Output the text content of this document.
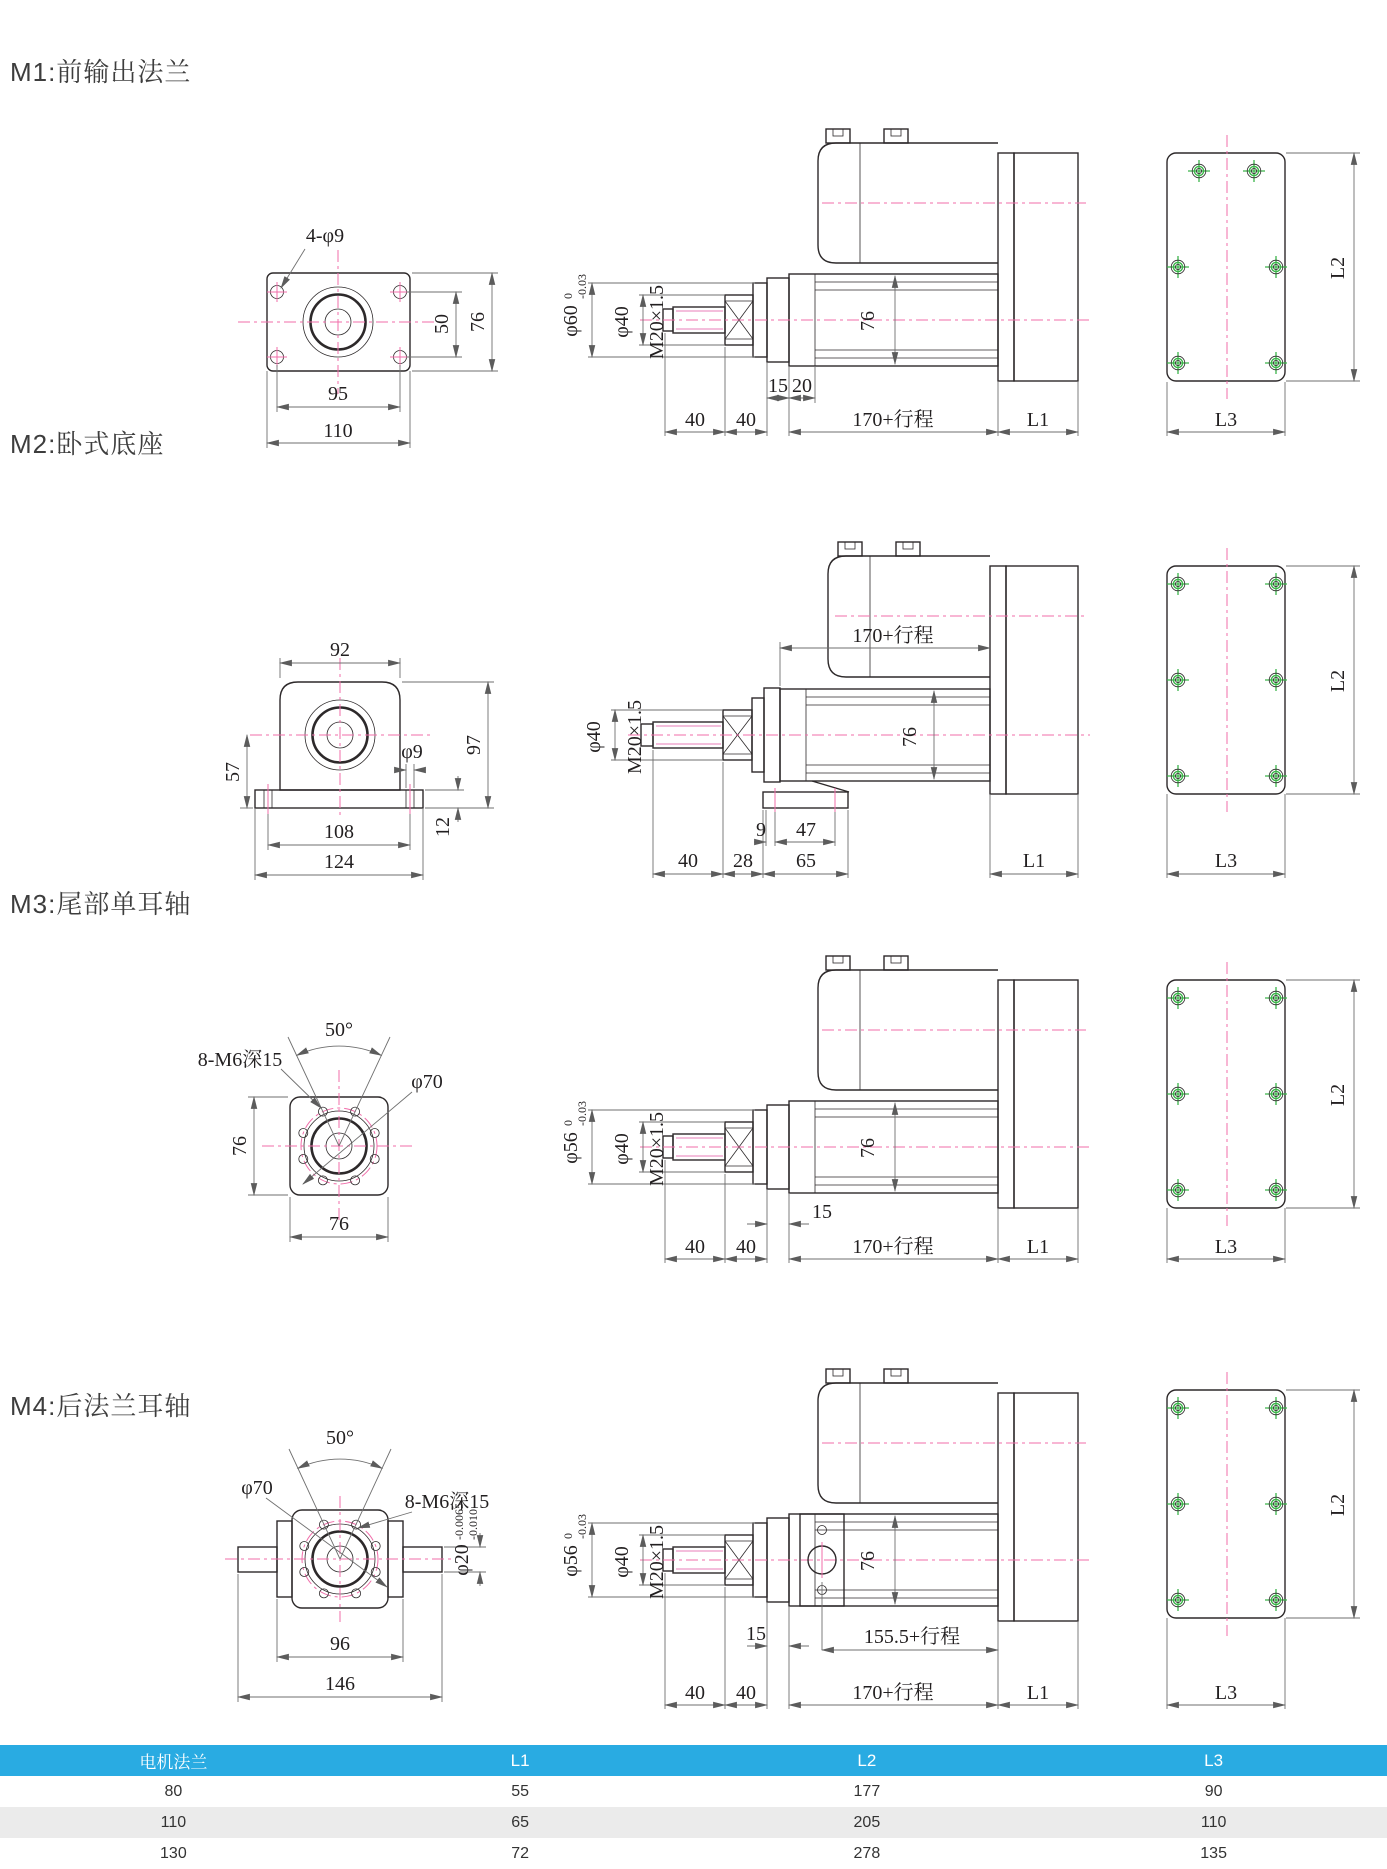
M1:前输出法兰
M2:卧式底座
M3:尾部单耳轴
M4:后法兰耳轴
4-φ9
95
110
50 76	φ60
0 -0.03
φ40 M20×1.5	76
15 20
40 40	170+行程	L1
L2
L3
92
57
φ9 97
12
108
124
170+行程
φ40 M20×1.5	76
9 47
40 28 65	L1
L2
L3
50°
8-M6深15
φ70
76
76
φ56
0 -0.03
φ40 M20×1.5	76
15
40 40	170+行程	L1
L2
L3
50°
φ70
8-M6深15
φ20
-0.0065 -0.010
96
146
φ56
0 -0.03
φ40 M20×1.5	76
15	155.5+行程
40 40	170+行程	L1
L2
L3
电机法兰	L1	L2	L3
80	55	177	90
110	65	205	110
130	72	278	135
